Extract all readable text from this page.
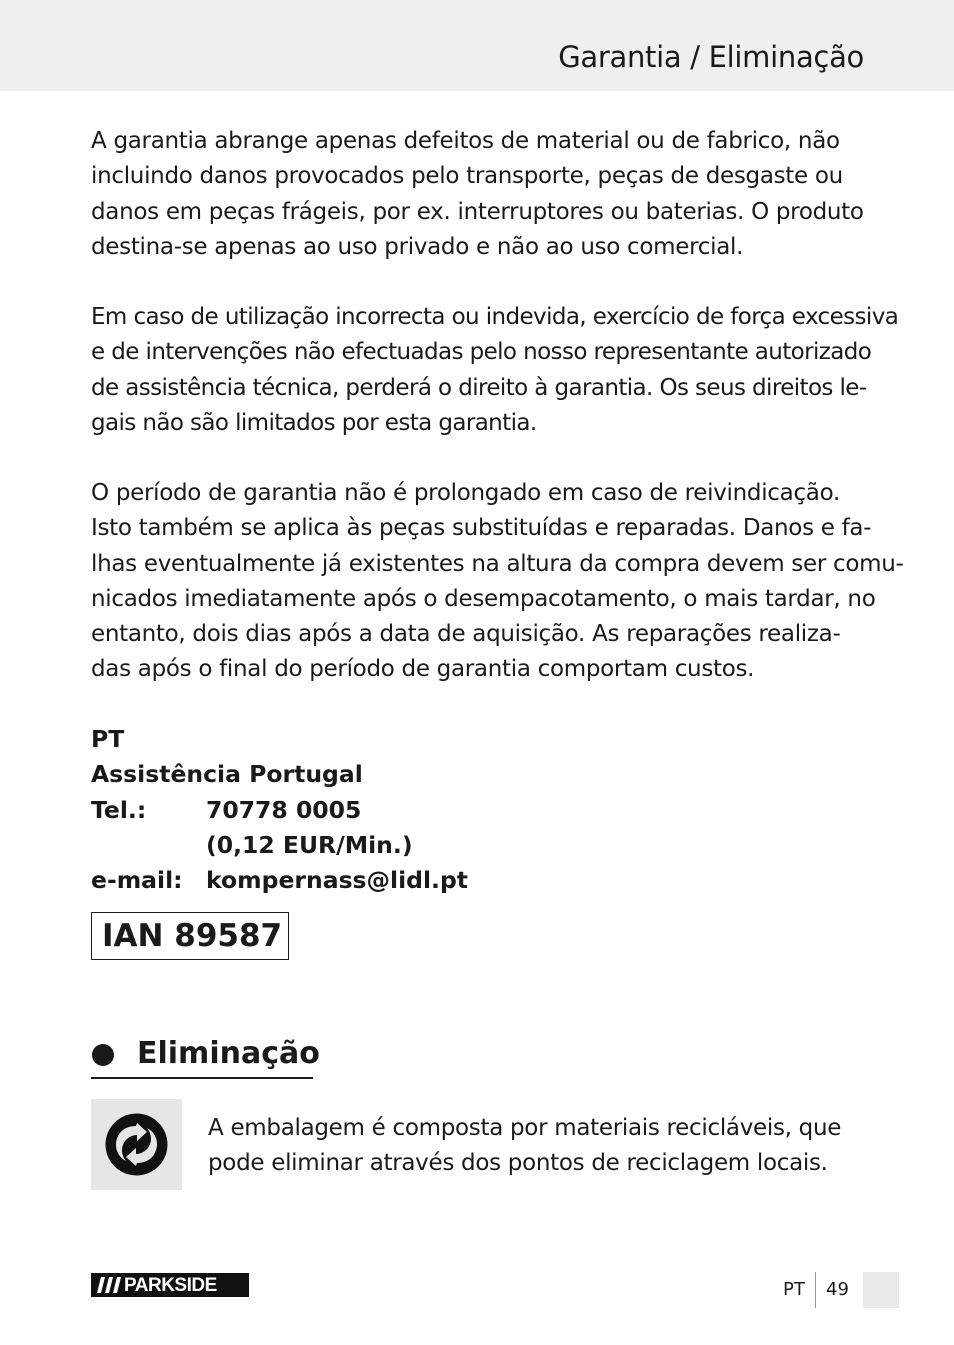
Garantia / Eliminação

A garantia abrange apenas defeitos de material ou de fabrico, não
incluindo danos provocados pelo transporte, peças de desgaste ou
danos em peças frágeis, por ex. interruptores ou baterias. O produto
destina-se apenas ao uso privado e não ao uso comercial.

Em caso de utilização incorrecta ou indevida, exercício de força excessiva
e de intervenções não efectuadas pelo nosso representante autorizado
de assistência técnica, perderá o direito à garantia. Os seus direitos le-
gais não são limitados por esta garantia.

O período de garantia não é prolongado em caso de reivindicação.
Isto também se aplica às peças substituídas e reparadas. Danos e fa-
lhas eventualmente já existentes na altura da compra devem ser comu-
nicados imediatamente após o desempacotamento, o mais tardar, no
entanto, dois dias após a data de aquisição. As reparações realiza-
das após o final do período de garantia comportam custos.

PT
Assistência Portugal
Tel.:	70778 0005
(0,12 EUR/Min.)
e-mail: kompernass@lidl.pt
IAN 89587
Eliminação
A embalagem é composta por materiais recicláveis, que
pode eliminar através dos pontos de reciclagem locais.
PARKSIDE	PT 49
